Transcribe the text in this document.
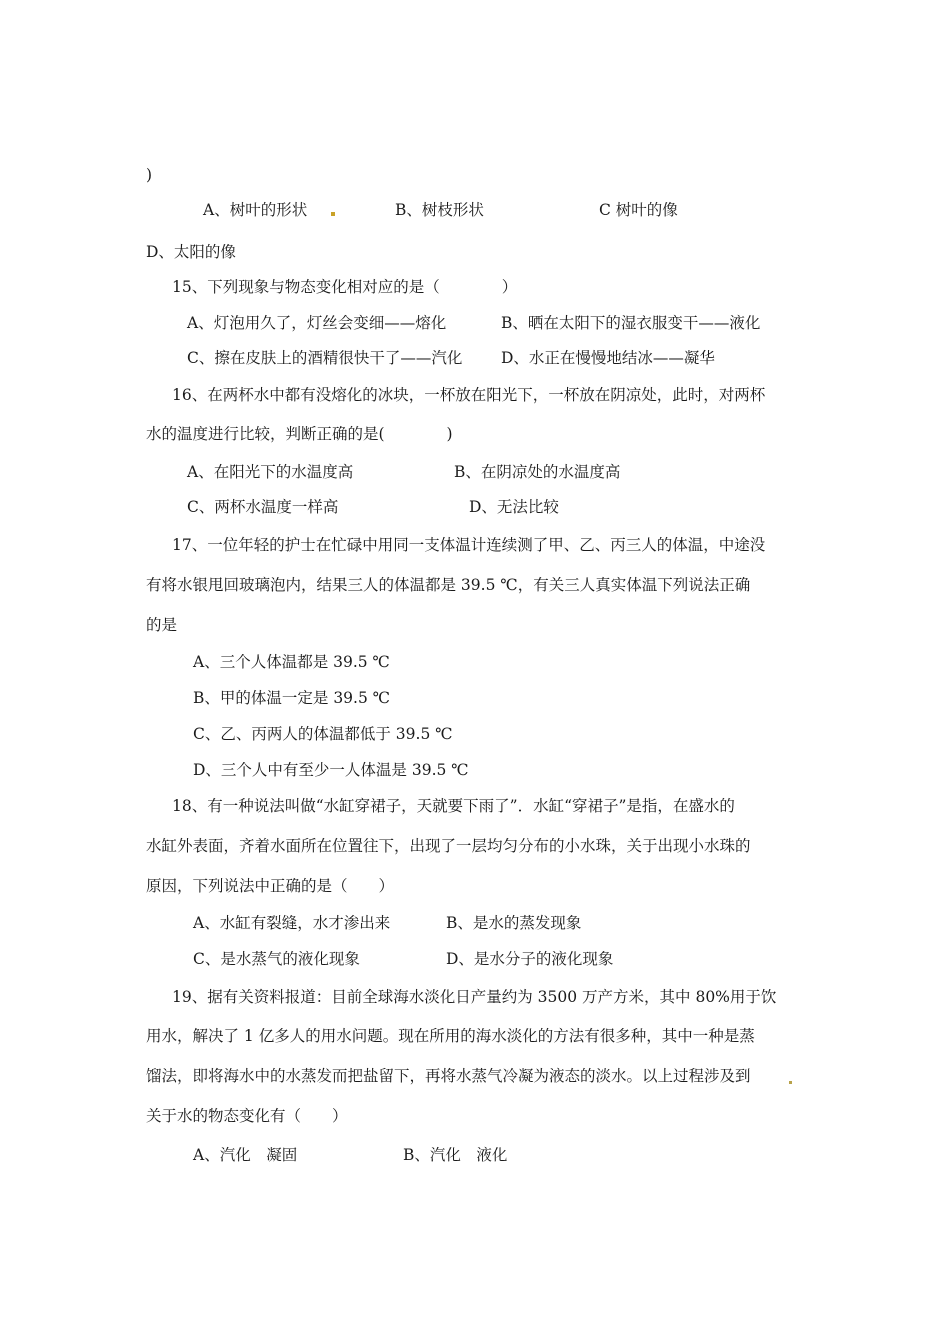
)
A、树叶的形状	B、树枝形状	C 树叶的像
D、太阳的像
15、下列现象与物态变化相对应的是（　　　　）
A、灯泡用久了，灯丝会变细——熔化	B、晒在太阳下的湿衣服变干——液化
C、擦在皮肤上的酒精很快干了——汽化 D、水正在慢慢地结冰——凝华
16、在两杯水中都有没熔化的冰块，一杯放在阳光下，一杯放在阴凉处，此时，对两杯
水的温度进行比较，判断正确的是(　　　　)
A、在阳光下的水温度高	B、在阴凉处的水温度高
C、两杯水温度一样高	D、无法比较
17、一位年轻的护士在忙碌中用同一支体温计连续测了甲、乙、丙三人的体温，中途没
有将水银甩回玻璃泡内，结果三人的体温都是 39.5 ℃，有关三人真实体温下列说法正确
的是
A、三个人体温都是 39.5 ℃
B、甲的体温一定是 39.5 ℃
C、乙、丙两人的体温都低于 39.5 ℃
D、三个人中有至少一人体温是 39.5 ℃
18、有一种说法叫做“水缸穿裙子，天就要下雨了”．水缸“穿裙子”是指，在盛水的
水缸外表面，齐着水面所在位置往下，出现了一层均匀分布的小水珠，关于出现小水珠的
原因，下列说法中正确的是（　　）
A、水缸有裂缝，水才渗出来	B、是水的蒸发现象
C、是水蒸气的液化现象	D、是水分子的液化现象
19、据有关资料报道：目前全球海水淡化日产量约为 3500 万产方米，其中 80%用于饮
用水，解决了 1 亿多人的用水问题。现在所用的海水淡化的方法有很多种，其中一种是蒸
馏法，即将海水中的水蒸发而把盐留下，再将水蒸气冷凝为液态的淡水。以上过程涉及到
关于水的物态变化有（　　）
A、汽化　凝固	B、汽化　液化
